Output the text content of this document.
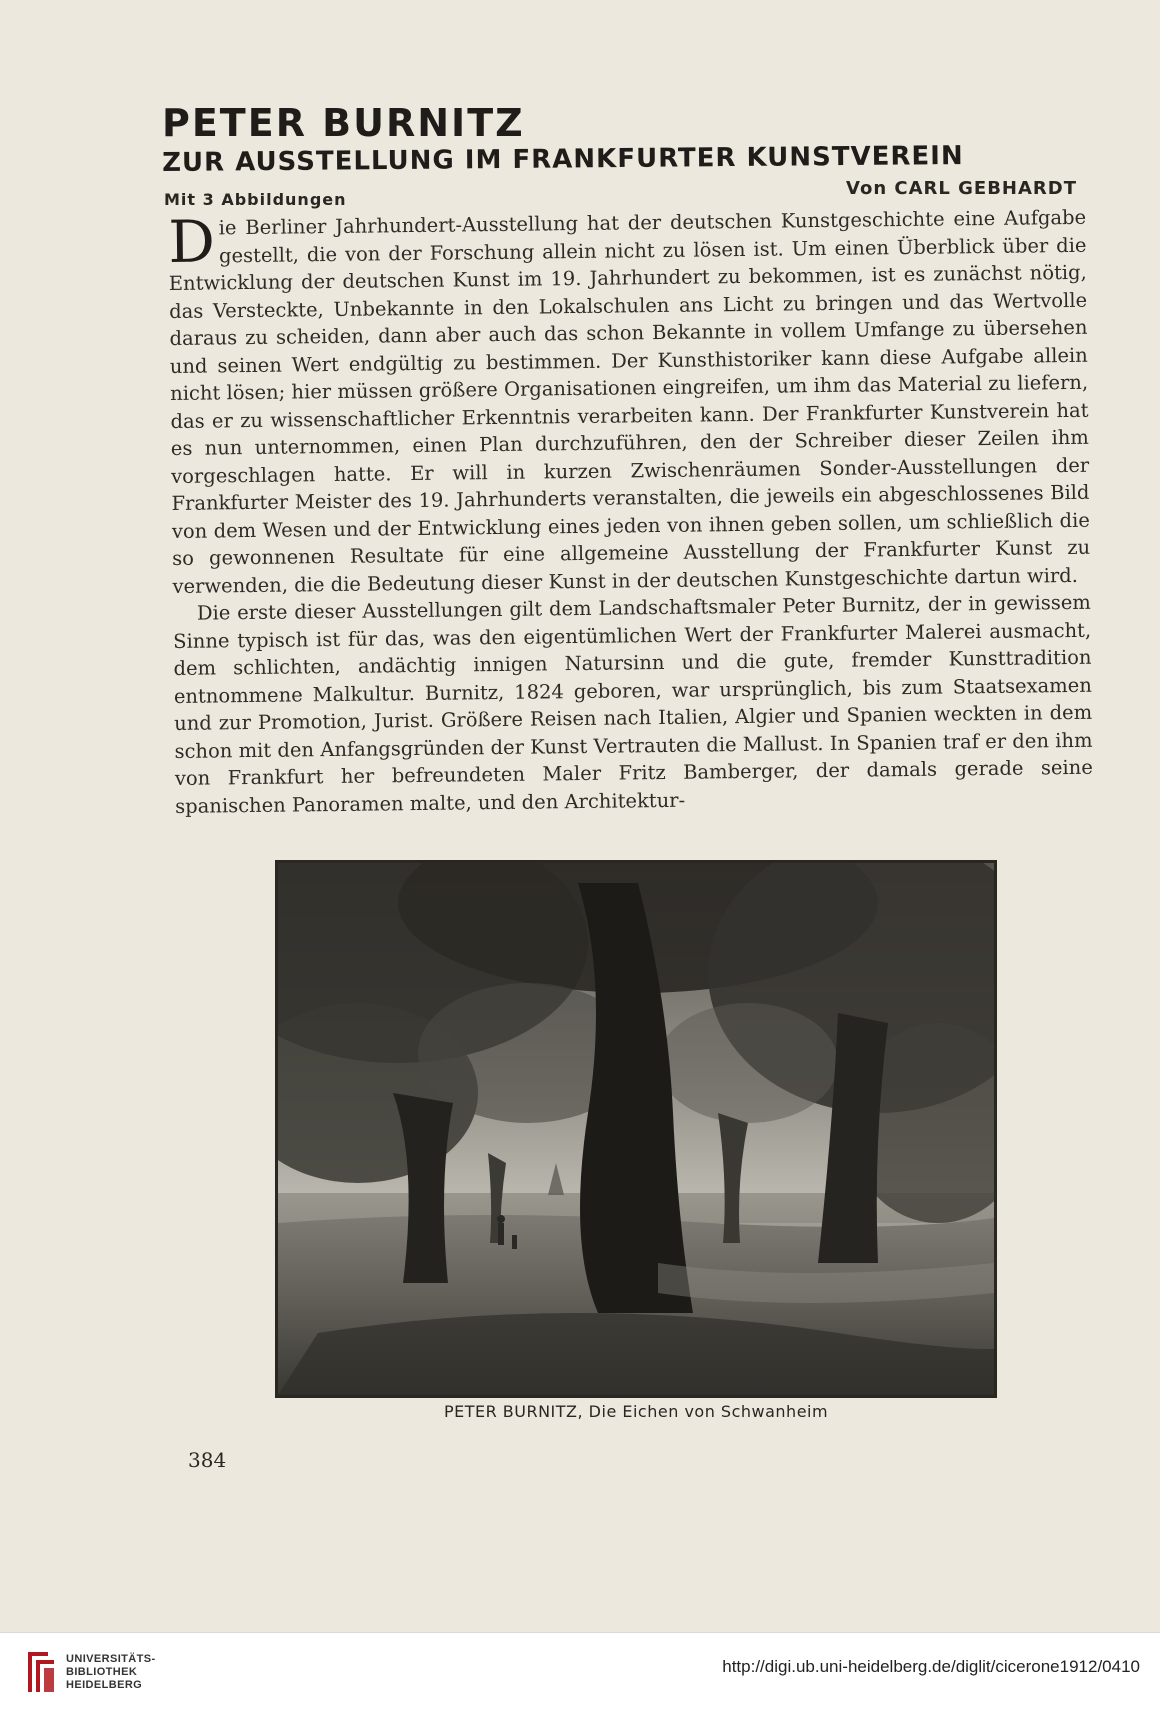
PETER BURNITZ
ZUR AUSSTELLUNG IM FRANKFURTER KUNSTVEREIN
Mit 3 Abbildungen
Von CARL GEBHARDT

Die Berliner Jahrhundert-Ausstellung hat der deutschen Kunstgeschichte eine Aufgabe gestellt, die von der Forschung allein nicht zu lösen ist. Um einen Überblick über die Entwicklung der deutschen Kunst im 19. Jahrhundert zu bekommen, ist es zunächst nötig, das Versteckte, Unbekannte in den Lokalschulen ans Licht zu bringen und das Wertvolle daraus zu scheiden, dann aber auch das schon Bekannte in vollem Umfange zu übersehen und seinen Wert endgültig zu bestimmen. Der Kunsthistoriker kann diese Aufgabe allein nicht lösen; hier müssen größere Organisationen eingreifen, um ihm das Material zu liefern, das er zu wissenschaftlicher Erkenntnis verarbeiten kann. Der Frankfurter Kunstverein hat es nun unternommen, einen Plan durchzuführen, den der Schreiber dieser Zeilen ihm vorgeschlagen hatte. Er will in kurzen Zwischenräumen Sonder-Ausstellungen der Frankfurter Meister des 19. Jahrhunderts veranstalten, die jeweils ein abgeschlossenes Bild von dem Wesen und der Entwicklung eines jeden von ihnen geben sollen, um schließlich die so gewonnenen Resultate für eine allgemeine Ausstellung der Frankfurter Kunst zu verwenden, die die Bedeutung dieser Kunst in der deutschen Kunstgeschichte dartun wird.

Die erste dieser Ausstellungen gilt dem Landschaftsmaler Peter Burnitz, der in gewissem Sinne typisch ist für das, was den eigentümlichen Wert der Frankfurter Malerei ausmacht, dem schlichten, andächtig innigen Natursinn und die gute, fremder Kunsttradition entnommene Malkultur. Burnitz, 1824 geboren, war ursprünglich, bis zum Staatsexamen und zur Promotion, Jurist. Größere Reisen nach Italien, Algier und Spanien weckten in dem schon mit den Anfangsgründen der Kunst Vertrauten die Mallust. In Spanien traf er den ihm von Frankfurt her befreundeten Maler Fritz Bamberger, der damals gerade seine spanischen Panoramen malte, und den Architektur-

PETER BURNITZ, Die Eichen von Schwanheim
384
UNIVERSITÄTS-
BIBLIOTHEK
HEIDELBERG
http://digi.ub.uni-heidelberg.de/diglit/cicerone1912/0410
